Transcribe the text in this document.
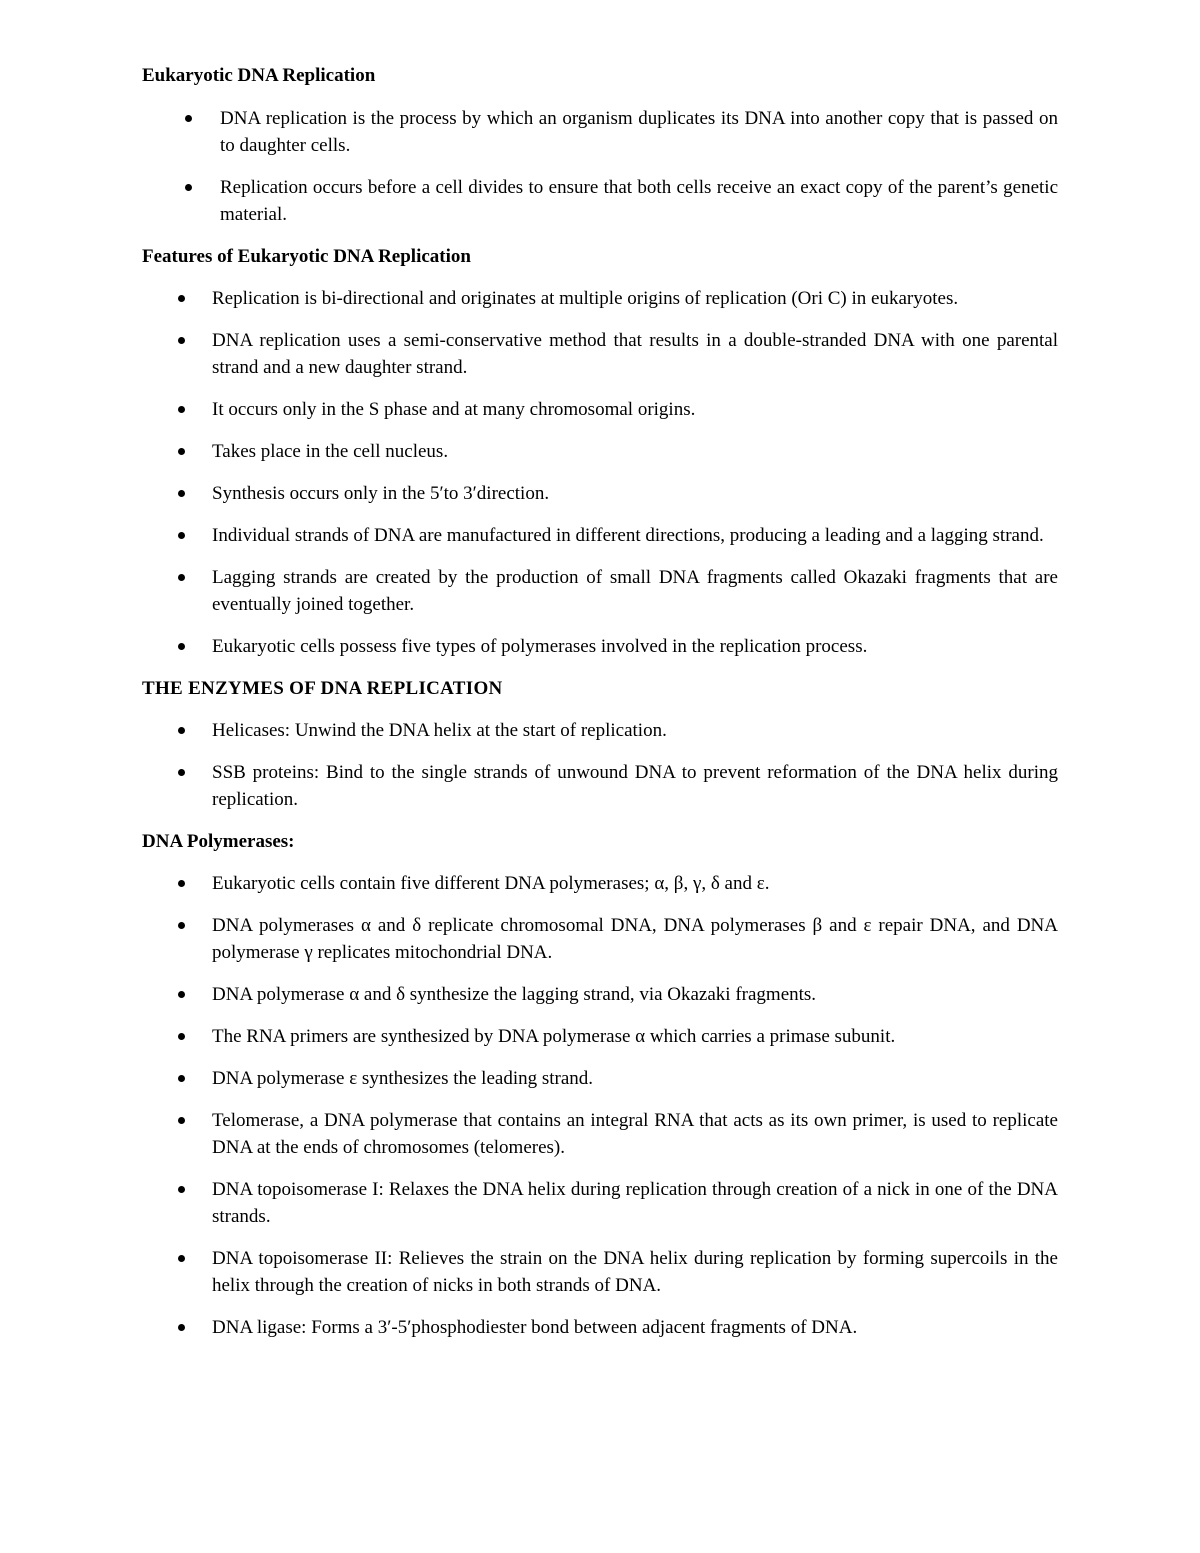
Eukaryotic DNA Replication
DNA replication is the process by which an organism duplicates its DNA into another copy that is passed on to daughter cells.
Replication occurs before a cell divides to ensure that both cells receive an exact copy of the parent’s genetic material.
Features of Eukaryotic DNA Replication
Replication is bi-directional and originates at multiple origins of replication (Ori C) in eukaryotes.
DNA replication uses a semi-conservative method that results in a double-stranded DNA with one parental strand and a new daughter strand.
It occurs only in the S phase and at many chromosomal origins.
Takes place in the cell nucleus.
Synthesis occurs only in the 5′to 3′direction.
Individual strands of DNA are manufactured in different directions, producing a leading and a lagging strand.
Lagging strands are created by the production of small DNA fragments called Okazaki fragments that are eventually joined together.
Eukaryotic cells possess five types of polymerases involved in the replication process.
THE ENZYMES OF DNA REPLICATION
Helicases: Unwind the DNA helix at the start of replication.
SSB proteins: Bind to the single strands of unwound DNA to prevent reformation of the DNA helix during replication.
DNA Polymerases:
Eukaryotic cells contain five different DNA polymerases; α, β, γ, δ and ε.
DNA polymerases α and δ replicate chromosomal DNA, DNA polymerases β and ε repair DNA, and DNA polymerase γ replicates mitochondrial DNA.
DNA polymerase α and δ synthesize the lagging strand, via Okazaki fragments.
The RNA primers are synthesized by DNA polymerase α which carries a primase subunit.
DNA polymerase ε synthesizes the leading strand.
Telomerase, a DNA polymerase that contains an integral RNA that acts as its own primer, is used to replicate DNA at the ends of chromosomes (telomeres).
DNA topoisomerase I: Relaxes the DNA helix during replication through creation of a nick in one of the DNA strands.
DNA topoisomerase II: Relieves the strain on the DNA helix during replication by forming supercoils in the helix through the creation of nicks in both strands of DNA.
DNA ligase: Forms a 3′-5′phosphodiester bond between adjacent fragments of DNA.
